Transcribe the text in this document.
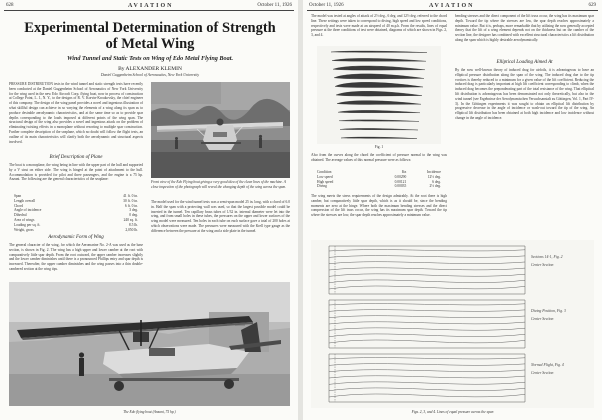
628	AVIATION	October 11, 1926
Experimental Determination of Strength
of Metal Wing
Wind Tunnel and Static Tests on Wing of Edo Metal Flying Boat.
By ALEXANDER KLEMIN
Daniel Guggenheim School of Aeronautics, New York University

PRESSURE DISTRIBUTION tests in the wind tunnel and static strength tests have recently been conducted at the Daniel Guggenheim School of Aeronautics of New York University for the wing used in the new Edo Aircraft Corp. flying boat, now in process of construction at College Point, L. I., N. Y., to the designs of R. V. Korvin-Kroukovsky, the chief engineer of this company. The design of the wing panel provides a novel and ingenious illustration of what skillful design can achieve in so varying the elements of a wing along its span as to produce desirable aerodynamic characteristics, and at the same time so as to provide spar depths corresponding to the loads imposed at different points of the wing span. The structural design of the wing also provides a novel and ingenious attack on the problem of eliminating twisting effects in a monoplane without resorting to multiple spar construction. Further complete description of the seaplane, which no doubt will follow the flight tests, an outline of its main characteristics will clarify both the aerodynamic and structural aspects involved.

Brief Description of Plane

The boat is a monoplane, the wing being in line with the upper part of the hull and supported by a V strut on either side. The wing is hinged at the point of attachment to the hull. Accommodation is provided for pilot and three passengers, and the engine is a 75 hp. Anzani. The following are the general characteristics of the seaplane:

Span	41 ft. 0 in.
Length overall	30 ft. 0 in.
Chord	6 ft. 0 in.
Angle of incidence	3 deg.
Dihedral	0 deg.
Area of wings	240 sq. ft.
Loading per sq. ft.	8.5 lb.
Weight, gross	2,050 lb.
Aerodynamic Form of Wing

The general character of the wing, for which the Aeromarine No. 2-A was used as the base section, is shown in Fig. 2. The wing has a high upper and lower camber at the root with comparatively little spar depth. From the root outward, the upper camber increases slightly and the lower camber diminishes until there is a pronounced Phillips entry and spar depth is increased. Thereafter, the upper camber diminishes and the wing passes into a thin double-cambered section at the wing tips.

Front view of the Edo Flying boat giving a very good idea of the clean lines of the machine. A close inspection of the photograph will reveal the changing depth of the wing across the span.

The model used for the wind tunnel tests was a semi-span model 25 in. long, with a chord of 6.0 in. Half the span with a protecting wall was used, so that the largest possible model could be inserted in the tunnel. Ten capillary brass tubes of 1/32 in. internal diameter were let into the wing, and from small holes in these tubes, the pressures on the upper and lower surfaces of the wing model were measured. Ten holes in each tube on each surface gave a total of 200 holes at which observations were made. The pressures were measured with the Krell type gauge as the difference between the pressure at the wing and a side plate in the tunnel.

The Edo flying boat (Anzani, 75 hp.)

October 11, 1926	AVIATION	629

The model was tested at angles of attack of 2½ deg., 6 deg. and 12½ deg. referred to the chord line. These settings were taken to correspond to diving, high speed and low speed conditions, respectively and tests were made at an airspeed of 40 m.p.h. From the results, lines of equal pressure at the three conditions of test were obtained, diagrams of which are shown in Figs. 2, 3, and 4.

Fig. 1

Also from the curves along the chord the coefficient of pressure normal to the wing was obtained. The average values of this normal pressure were as follows:

Condition	Kn	Incidence
Low speed	0.00290	12½ deg.
High speed	0.00121	6 deg.
Diving	0.00035	2½ deg.

The wing meets the stress requirements of the design admirably. At the root there is high camber, but comparatively little spar depth, which is as it should be, since the bending moments are zero at the hinge. Where both the maximum bending stresses and the direct compression of the lift truss occur, the wing has its maximum spar depth. Toward the tip where the stresses are low, the spar depth reaches approximately a minimum value.

bending stresses and the direct component of the lift truss occur, the wing has its maximum spar depth. Toward the tip where the stresses are low, the spar depth reaches approximately a minimum value. But it is, perhaps, more remarkable that by utilizing the now generally accepted theory that the lift of a wing element depends not on the thickness but on the camber of the section line, the designer has combined with excellent structural characteristics a lift distribution along the span which is highly desirable aerodynamically.

Elliptical Loading Aimed At

By the now well-known theory of induced drag for airfoils, it is advantageous to have an elliptical pressure distribution along the span of the wing. The induced drag due to the tip vortices is thereby reduced to a minimum for a given value of the lift coefficient. Reducing the induced drag is particularly important at high lift coefficient corresponding to climb, when the induced drag becomes the preponderating part of the total resistance of the wing. That elliptical lift distribution is advantageous has been demonstrated not only theoretically, but also in the wind tunnel (see Ergebnisse der Aerodynamischen Versuchsanstalt zu Göttingen, Vol. 1, Part IV-3). In the Göttingen experiments it was sought to obtain an elliptical lift distribution by progressive decrease in the angle of incidence or wash-out toward the tip of the wing. An elliptical lift distribution has been obtained at both high incidence and low incidence without change in the angle of incidence.

Sections 14-1, Fig. 2
Center Section
Diving Position, Fig. 3
Center Section
Normal Flight, Fig. 4
Center Section

Figs. 2, 3, and 4. Lines of equal pressure across the span
